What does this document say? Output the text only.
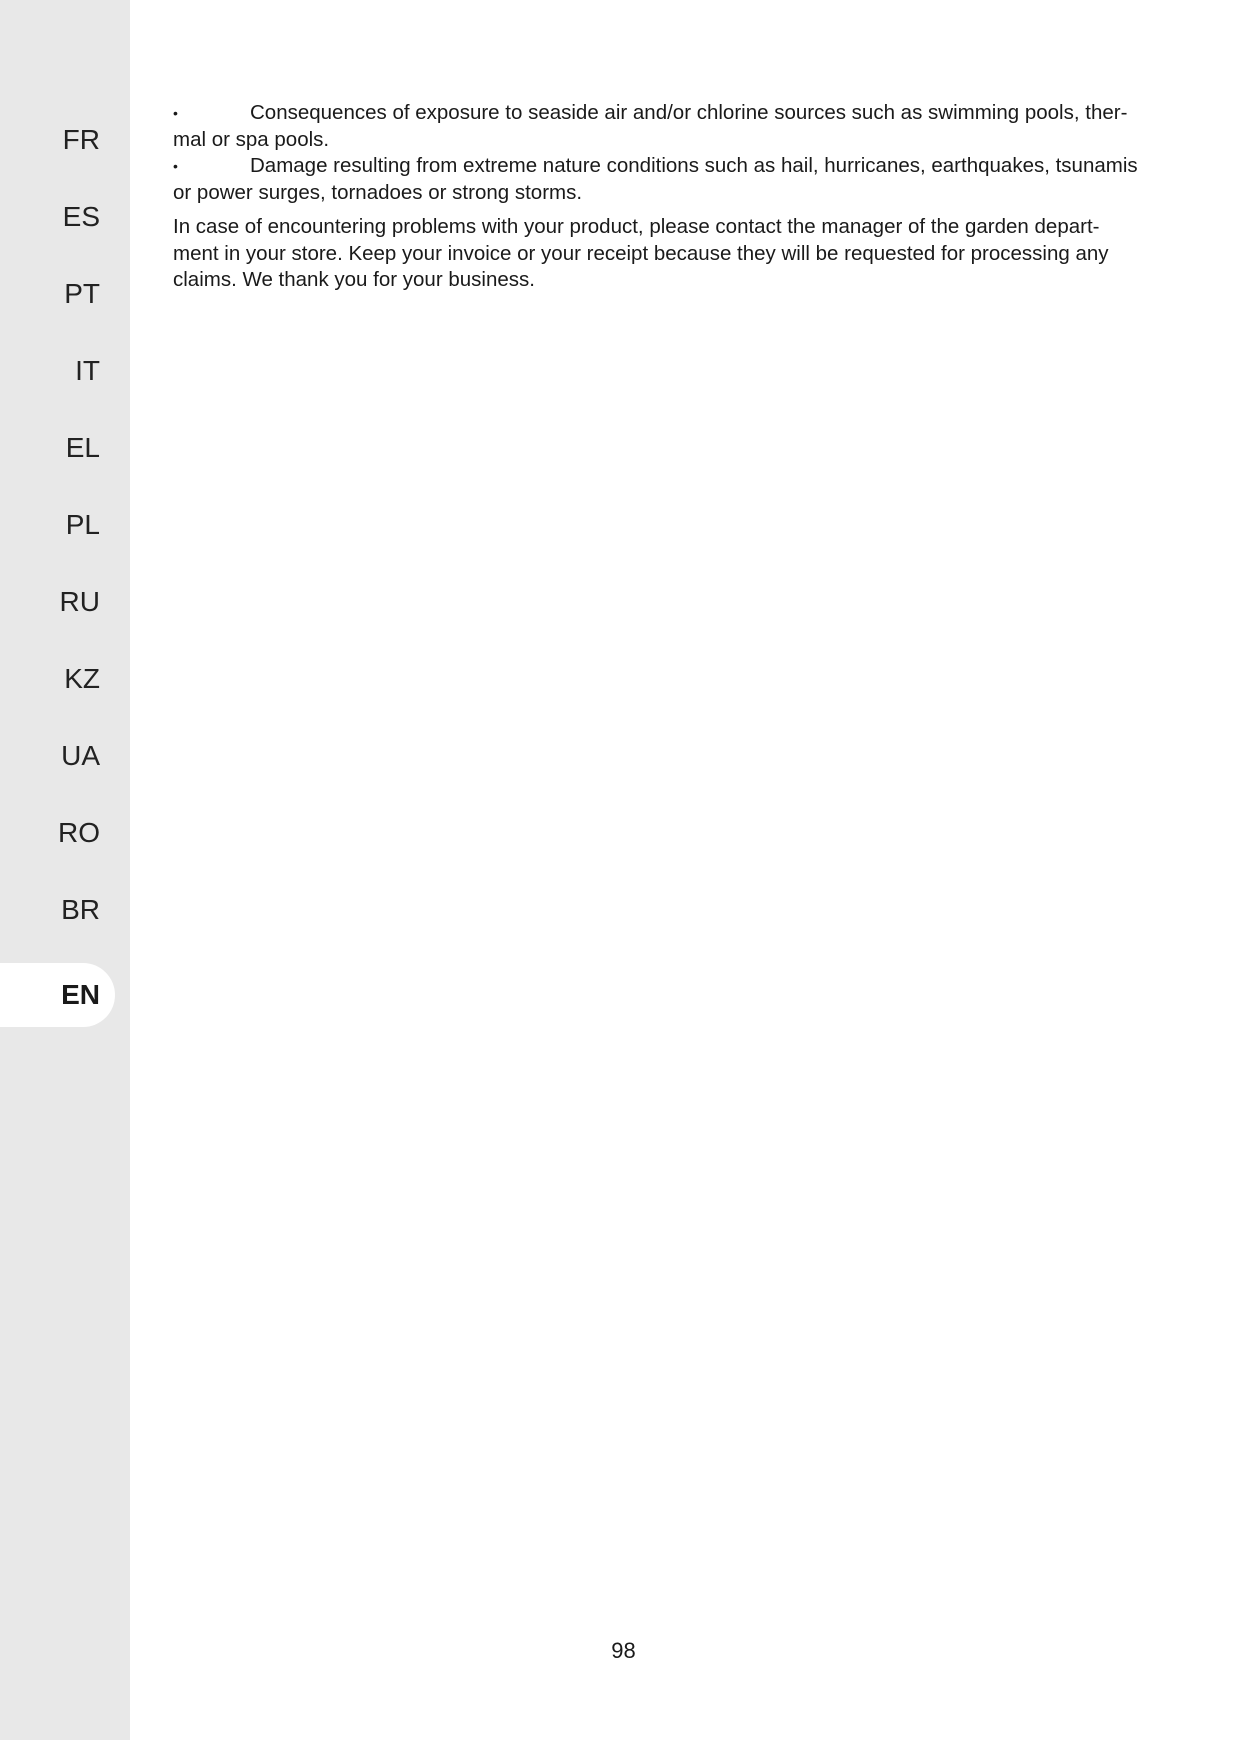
FR
ES
PT
IT
EL
PL
RU
KZ
UA
RO
BR
EN
•	Consequences of exposure to seaside air and/or chlorine sources such as swimming pools, ther-mal or spa pools.
•	Damage resulting from extreme nature conditions such as hail, hurricanes, earthquakes, tsunamis or power surges, tornadoes or strong storms.

In case of encountering problems with your product, please contact the manager of the garden depart-ment in your store. Keep your invoice or your receipt because they will be requested for processing any claims. We thank you for your business.

98
